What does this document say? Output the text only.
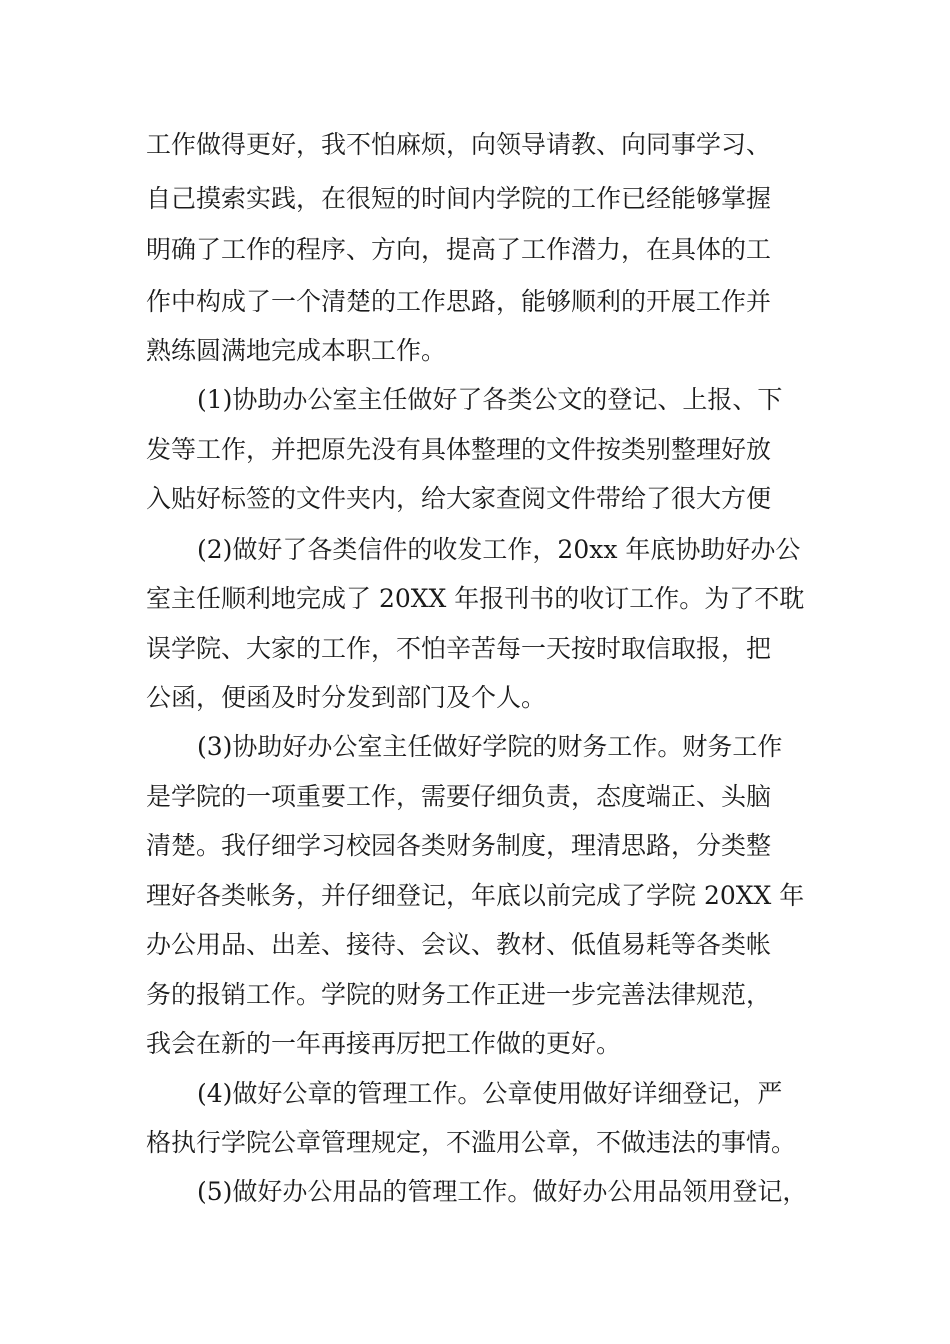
工作做得更好，我不怕麻烦，向领导请教、向同事学习、
自己摸索实践，在很短的时间内学院的工作已经能够掌握
明确了工作的程序、方向，提高了工作潜力，在具体的工
作中构成了一个清楚的工作思路，能够顺利的开展工作并
熟练圆满地完成本职工作。
(1)协助办公室主任做好了各类公文的登记、上报、下
发等工作，并把原先没有具体整理的文件按类别整理好放
入贴好标签的文件夹内，给大家查阅文件带给了很大方便
(2)做好了各类信件的收发工作，20xx 年底协助好办公
室主任顺利地完成了 20XX 年报刊书的收订工作。为了不耽
误学院、大家的工作，不怕辛苦每一天按时取信取报，把
公函，便函及时分发到部门及个人。
(3)协助好办公室主任做好学院的财务工作。财务工作
是学院的一项重要工作，需要仔细负责，态度端正、头脑
清楚。我仔细学习校园各类财务制度，理清思路，分类整
理好各类帐务，并仔细登记，年底以前完成了学院 20XX 年
办公用品、出差、接待、会议、教材、低值易耗等各类帐
务的报销工作。学院的财务工作正进一步完善法律规范，
我会在新的一年再接再厉把工作做的更好。
(4)做好公章的管理工作。公章使用做好详细登记，严
格执行学院公章管理规定，不滥用公章，不做违法的事情。
(5)做好办公用品的管理工作。做好办公用品领用登记，
